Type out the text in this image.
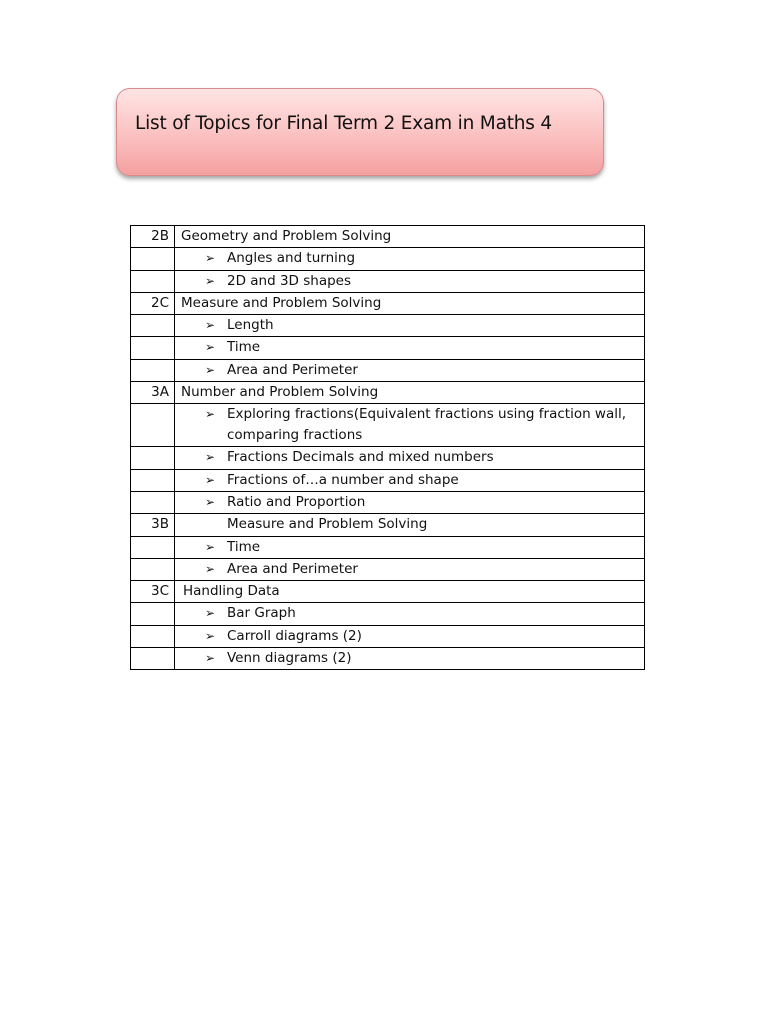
List of Topics for Final Term 2 Exam in Maths 4
2B	Geometry and Problem Solving

	➢ Angles and turning

	➢ 2D and 3D shapes

2C	Measure and Problem Solving

	➢ Length

	➢ Time

	➢ Area and Perimeter

3A	Number and Problem Solving

	➢ Exploring fractions(Equivalent fractions using fraction wall, comparing fractions

	➢ Fractions Decimals and mixed numbers

	➢ Fractions of…a number and shape

	➢ Ratio and Proportion

3B	Measure and Problem Solving

	➢ Time

	➢ Area and Perimeter

3C	Handling Data

	➢ Bar Graph

	➢ Carroll diagrams (2)

	➢ Venn diagrams (2)
